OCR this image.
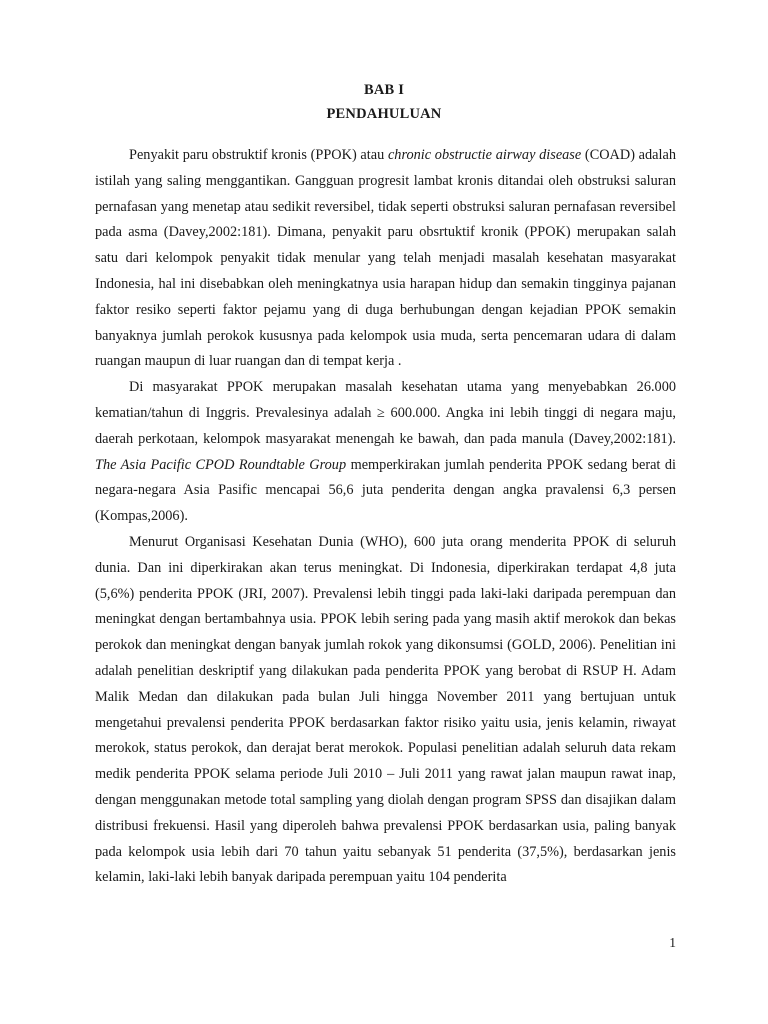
BAB I
PENDAHULUAN

Penyakit paru obstruktif kronis (PPOK) atau chronic obstructie airway disease (COAD) adalah istilah yang saling menggantikan. Gangguan progresit lambat kronis ditandai oleh obstruksi saluran pernafasan yang menetap atau sedikit reversibel, tidak seperti obstruksi saluran pernafasan reversibel pada asma (Davey,2002:181). Dimana, penyakit paru obsrtuktif kronik (PPOK) merupakan salah satu dari kelompok penyakit tidak menular yang telah menjadi masalah kesehatan masyarakat Indonesia, hal ini disebabkan oleh meningkatnya usia harapan hidup dan semakin tingginya pajanan faktor resiko seperti faktor pejamu yang di duga berhubungan dengan kejadian PPOK semakin banyaknya jumlah perokok kususnya pada kelompok usia muda, serta pencemaran udara di dalam ruangan maupun di luar ruangan dan di tempat kerja .

Di masyarakat PPOK merupakan masalah kesehatan utama yang menyebabkan 26.000 kematian/tahun di Inggris. Prevalesinya adalah ≥ 600.000. Angka ini lebih tinggi di negara maju, daerah perkotaan, kelompok masyarakat menengah ke bawah, dan pada manula (Davey,2002:181). The Asia Pacific CPOD Roundtable Group memperkirakan jumlah penderita PPOK sedang berat di negara-negara Asia Pasific mencapai 56,6 juta penderita dengan angka pravalensi 6,3 persen (Kompas,2006).

Menurut Organisasi Kesehatan Dunia (WHO), 600 juta orang menderita PPOK di seluruh dunia. Dan ini diperkirakan akan terus meningkat. Di Indonesia, diperkirakan terdapat 4,8 juta (5,6%) penderita PPOK (JRI, 2007). Prevalensi lebih tinggi pada laki-laki daripada perempuan dan meningkat dengan bertambahnya usia. PPOK lebih sering pada yang masih aktif merokok dan bekas perokok dan meningkat dengan banyak jumlah rokok yang dikonsumsi (GOLD, 2006). Penelitian ini adalah penelitian deskriptif yang dilakukan pada penderita PPOK yang berobat di RSUP H. Adam Malik Medan dan dilakukan pada bulan Juli hingga November 2011 yang bertujuan untuk mengetahui prevalensi penderita PPOK berdasarkan faktor risiko yaitu usia, jenis kelamin, riwayat merokok, status perokok, dan derajat berat merokok. Populasi penelitian adalah seluruh data rekam medik penderita PPOK selama periode Juli 2010 – Juli 2011 yang rawat jalan maupun rawat inap, dengan menggunakan metode total sampling yang diolah dengan program SPSS dan disajikan dalam distribusi frekuensi. Hasil yang diperoleh bahwa prevalensi PPOK berdasarkan usia, paling banyak pada kelompok usia lebih dari 70 tahun yaitu sebanyak 51 penderita (37,5%), berdasarkan jenis kelamin, laki-laki lebih banyak daripada perempuan yaitu 104 penderita

1
